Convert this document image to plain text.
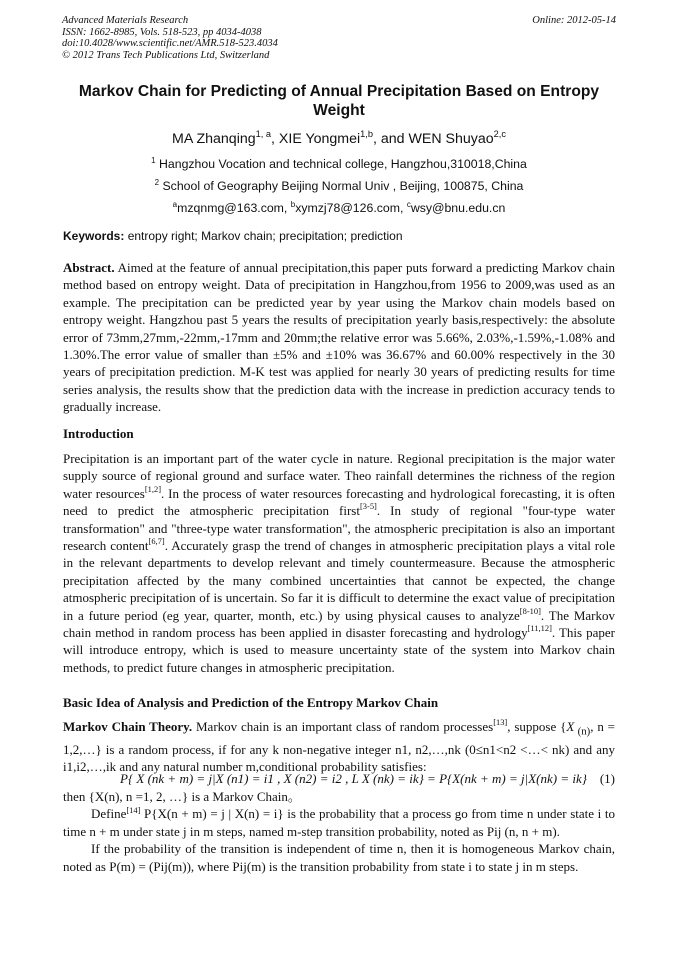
Advanced Materials Research
ISSN: 1662-8985, Vols. 518-523, pp 4034-4038
doi:10.4028/www.scientific.net/AMR.518-523.4034
© 2012 Trans Tech Publications Ltd, Switzerland
Online: 2012-05-14
Markov Chain for Predicting of Annual Precipitation Based on Entropy Weight
MA Zhanqing$^{1, a}$, XIE Yongmei$^{1,b}$, and WEN Shuyao$^{2,c}$
$^1$ Hangzhou Vocation and technical college, Hangzhou,310018,China
$^2$ School of Geography Beijing Normal Univ , Beijing, 100875, China
$^a$mzqnmg@163.com, $^b$xymzj78@126.com, $^c$wsy@bnu.edu.cn
Keywords: entropy right; Markov chain; precipitation; prediction
Abstract. Aimed at the feature of annual precipitation,this paper puts forward a predicting Markov chain method based on entropy weight. Data of precipitation in Hangzhou,from 1956 to 2009,was used as an example. The precipitation can be predicted year by year using the Markov chain models based on entropy weight. Hangzhou past 5 years the results of precipitation yearly basis,respectively: the absolute error of 73mm,27mm,-22mm,-17mm and 20mm;the relative error was 5.66%, 2.03%,-1.59%,-1.08% and 1.30%.The error value of smaller than ±5% and ±10% was 36.67% and 60.00% respectively in the 30 years of precipitation prediction. M-K test was applied for nearly 30 years of predicting results for time series analysis, the results show that the prediction data with the increase in prediction accuracy tends to gradually increase.
Introduction
Precipitation is an important part of the water cycle in nature. Regional precipitation is the major water supply source of regional ground and surface water. Theo rainfall determines the richness of the region water resources[1,2]. In the process of water resources forecasting and hydrological forecasting, it is often need to predict the atmospheric precipitation first[3-5]. In study of regional "four-type water transformation" and "three-type water transformation", the atmospheric precipitation is also an important research content[6,7]. Accurately grasp the trend of changes in atmospheric precipitation plays a vital role in the relevant departments to develop relevant and timely countermeasure. Because the atmospheric precipitation affected by the many combined uncertainties that cannot be expected, the change atmospheric precipitation of is uncertain. So far it is difficult to determine the exact value of precipitation in a future period (eg year, quarter, month, etc.) by using physical causes to analyze[8-10]. The Markov chain method in random process has been applied in disaster forecasting and hydrology[11,12]. This paper will introduce entropy, which is used to measure uncertainty state of the system into Markov chain methods, to predict future changes in atmospheric precipitation.
Basic Idea of Analysis and Prediction of the Entropy Markov Chain
Markov Chain Theory. Markov chain is an important class of random processes[13], suppose {X $_{(n)}$, n = 1,2,…} is a random process, if for any k non-negative integer n1, n2,…,nk (0≤n1<n2 <…< nk) and any i1,i2,…,ik and any natural number m,conditional probability satisfies:
P{ X (nk + m) = j|X (n1) = i1 , X (n2) = i2 , L X (nk) = ik} = P{X(nk + m) = j|X(nk) = ik} (1)
then {X(n), n =1, 2, …} is a Markov Chain。
Define[14] P{X(n + m) = j | X(n) = i} is the probability that a process go from time n under state i to time n + m under state j in m steps, named m-step transition probability, noted as Pij (n, n + m).
If the probability of the transition is independent of time n, then it is homogeneous Markov chain, noted as P(m) = (Pij(m)), where Pij(m) is the transition probability from state i to state j in m steps.
